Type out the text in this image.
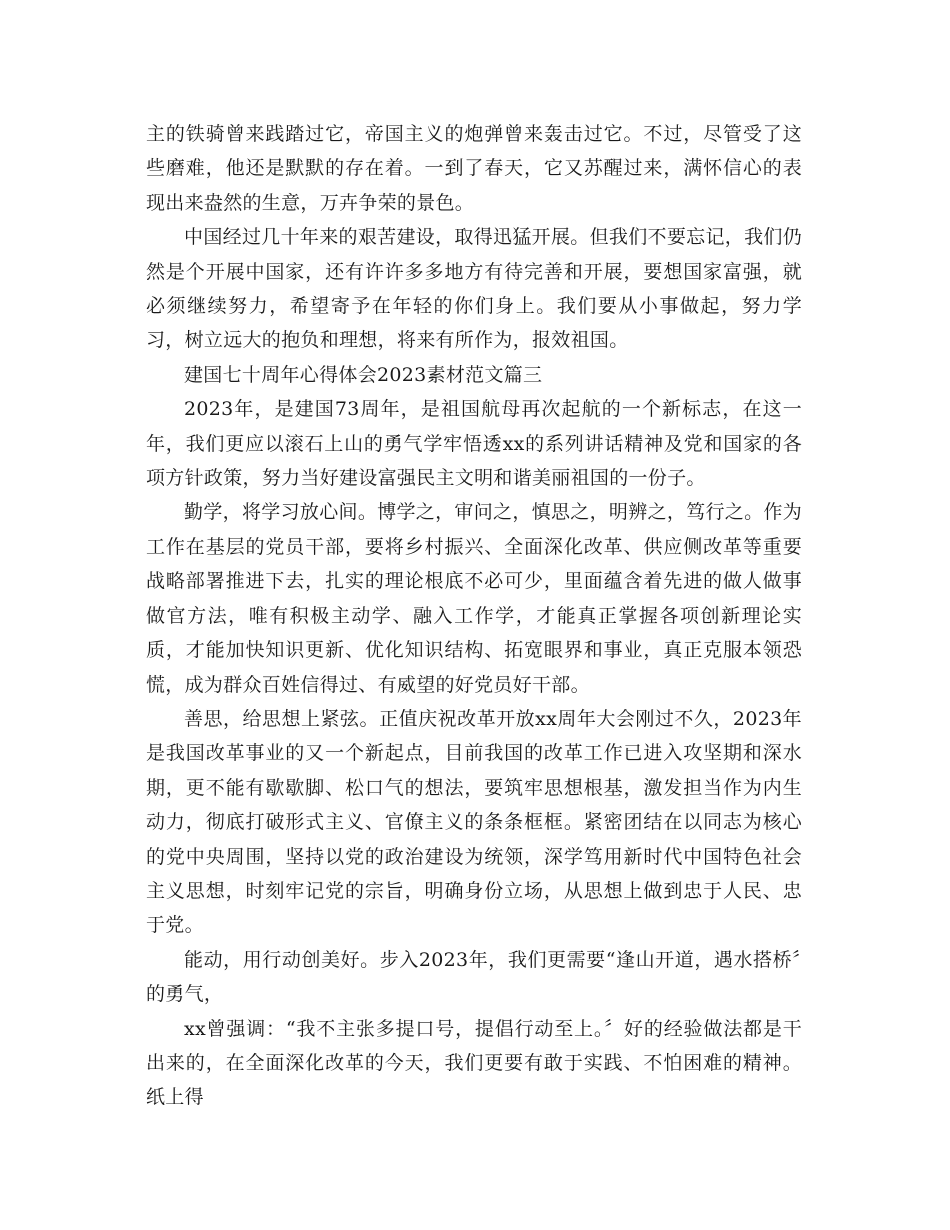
主的铁骑曾来践踏过它，帝国主义的炮弹曾来轰击过它。不过，尽管受了这些磨难，他还是默默的存在着。一到了春天，它又苏醒过来，满怀信心的表现出来盎然的生意，万卉争荣的景色。

中国经过几十年来的艰苦建设，取得迅猛开展。但我们不要忘记，我们仍然是个开展中国家，还有许许多多地方有待完善和开展，要想国家富强，就必须继续努力，希望寄予在年轻的你们身上。我们要从小事做起，努力学习，树立远大的抱负和理想，将来有所作为，报效祖国。

建国七十周年心得体会2023素材范文篇三

2023年，是建国73周年，是祖国航母再次起航的一个新标志，在这一年，我们更应以滚石上山的勇气学牢悟透xx的系列讲话精神及党和国家的各项方针政策，努力当好建设富强民主文明和谐美丽祖国的一份子。

勤学，将学习放心间。博学之，审问之，慎思之，明辨之，笃行之。作为工作在基层的党员干部，要将乡村振兴、全面深化改革、供应侧改革等重要战略部署推进下去，扎实的理论根底不必可少，里面蕴含着先进的做人做事做官方法，唯有积极主动学、融入工作学，才能真正掌握各项创新理论实质，才能加快知识更新、优化知识结构、拓宽眼界和事业，真正克服本领恐慌，成为群众百姓信得过、有威望的好党员好干部。

善思，给思想上紧弦。正值庆祝改革开放xx周年大会刚过不久，2023年是我国改革事业的又一个新起点，目前我国的改革工作已进入攻坚期和深水期，更不能有歇歇脚、松口气的想法，要筑牢思想根基，激发担当作为内生动力，彻底打破形式主义、官僚主义的条条框框。紧密团结在以同志为核心的党中央周围，坚持以党的政治建设为统领，深学笃用新时代中国特色社会主义思想，时刻牢记党的宗旨，明确身份立场，从思想上做到忠于人民、忠于党。

能动，用行动创美好。步入2023年，我们更需要“逢山开道，遇水搭桥〞的勇气，

xx曾强调：“我不主张多提口号，提倡行动至上。〞好的经验做法都是干出来的，在全面深化改革的今天，我们更要有敢于实践、不怕困难的精神。纸上得
